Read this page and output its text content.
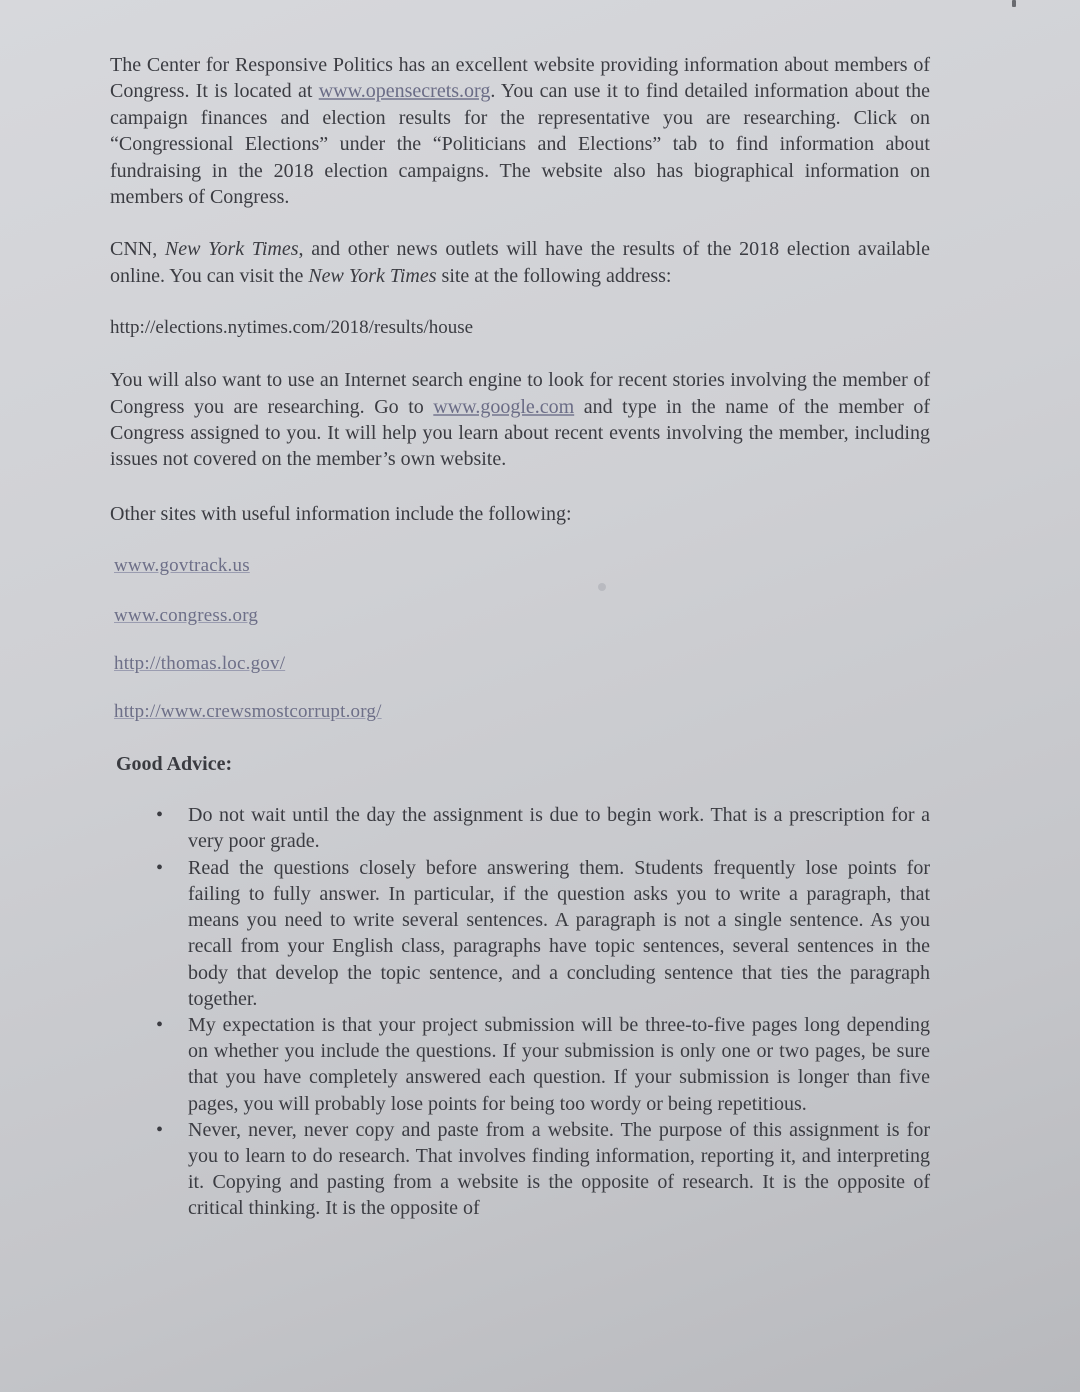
The Center for Responsive Politics has an excellent website providing information about members of Congress. It is located at www.opensecrets.org. You can use it to find detailed information about the campaign finances and election results for the representative you are researching. Click on “Congressional Elections” under the “Politicians and Elections” tab to find information about fundraising in the 2018 election campaigns. The website also has biographical information on members of Congress.

CNN, New York Times, and other news outlets will have the results of the 2018 election available online. You can visit the New York Times site at the following address:

http://elections.nytimes.com/2018/results/house

You will also want to use an Internet search engine to look for recent stories involving the member of Congress you are researching. Go to www.google.com and type in the name of the member of Congress assigned to you. It will help you learn about recent events involving the member, including issues not covered on the member’s own website.

Other sites with useful information include the following:

www.govtrack.us

www.congress.org

http://thomas.loc.gov/

http://www.crewsmostcorrupt.org/

Good Advice:

•	Do not wait until the day the assignment is due to begin work. That is a prescription for a very poor grade.
•	Read the questions closely before answering them. Students frequently lose points for failing to fully answer. In particular, if the question asks you to write a paragraph, that means you need to write several sentences. A paragraph is not a single sentence. As you recall from your English class, paragraphs have topic sentences, several sentences in the body that develop the topic sentence, and a concluding sentence that ties the paragraph together.
•	My expectation is that your project submission will be three-to-five pages long depending on whether you include the questions. If your submission is only one or two pages, be sure that you have completely answered each question. If your submission is longer than five pages, you will probably lose points for being too wordy or being repetitious.
•	Never, never, never copy and paste from a website. The purpose of this assignment is for you to learn to do research. That involves finding information, reporting it, and interpreting it. Copying and pasting from a website is the opposite of research. It is the opposite of critical thinking. It is the opposite of
